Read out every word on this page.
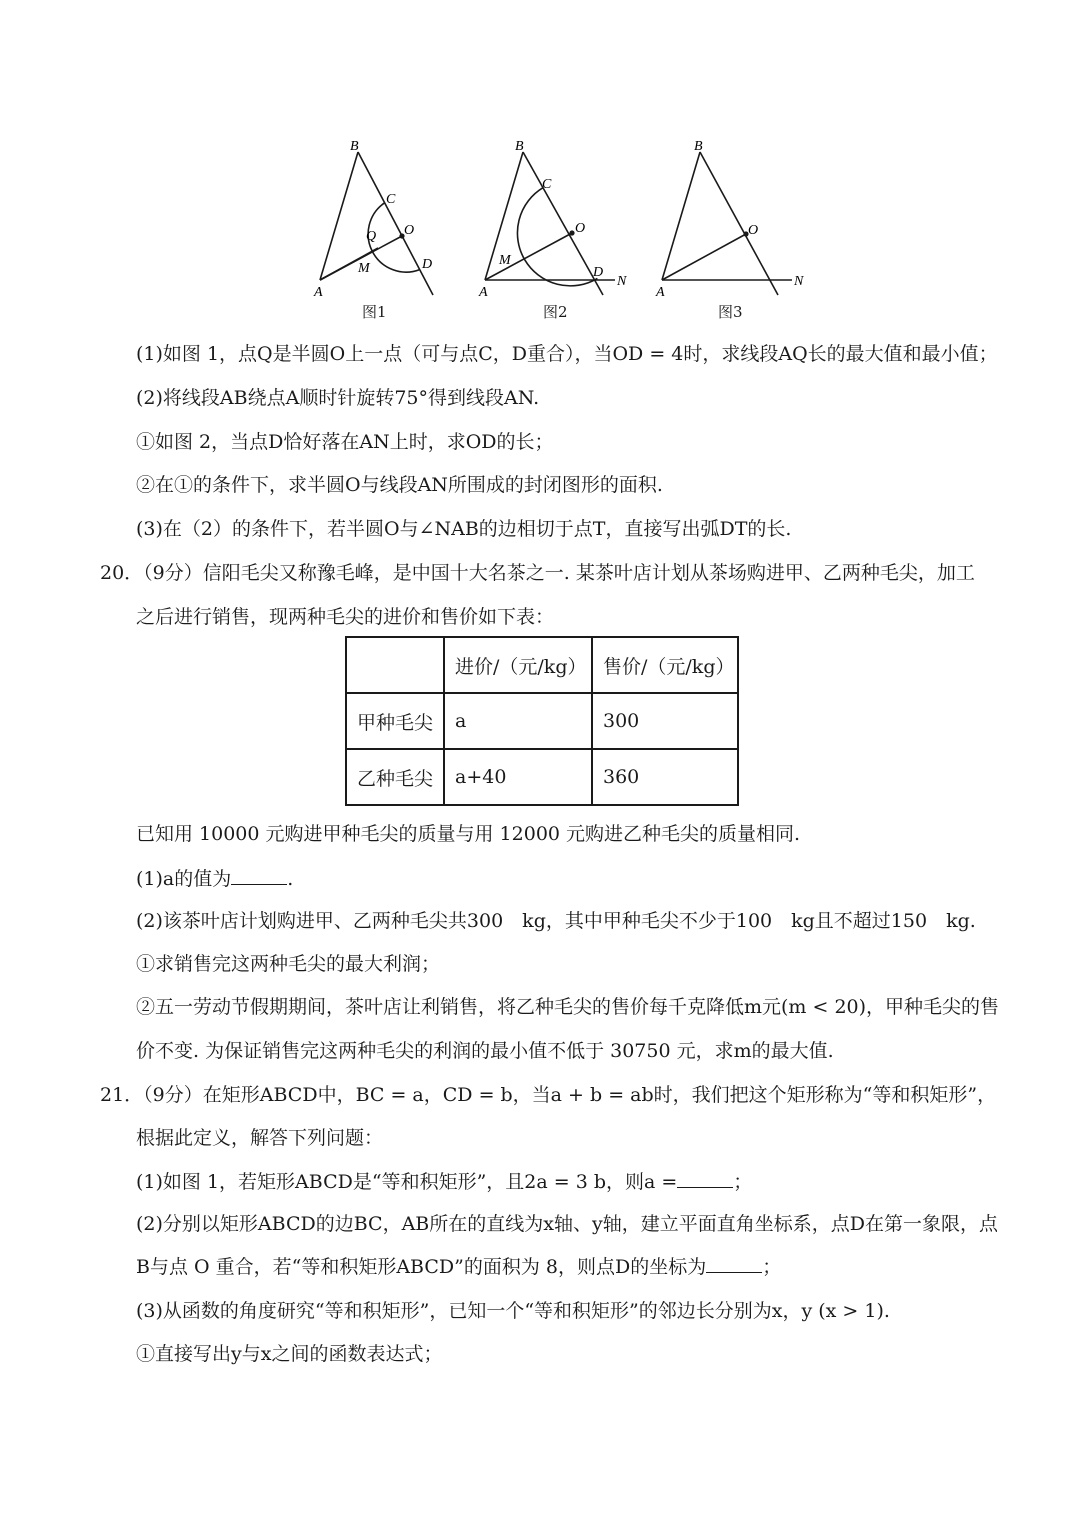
B
C
O
Q
M	D
A
图1
B
C
O
M
D
N
A
图2
B
O
N
A
图3
(1)如图 1，点Q是半圆O上一点（可与点C，D重合），当OD = 4时，求线段AQ长的最大值和最小值；
(2)将线段AB绕点A顺时针旋转75°得到线段AN.
①如图 2，当点D恰好落在AN上时，求OD的长；
②在①的条件下，求半圆O与线段AN所围成的封闭图形的面积.
(3)在（2）的条件下，若半圆O与∠NAB的边相切于点T，直接写出弧DT的长.
20．（9分）信阳毛尖又称豫毛峰，是中国十大名茶之一. 某茶叶店计划从茶场购进甲、乙两种毛尖，加工
之后进行销售，现两种毛尖的进价和售价如下表：
	进价/（元/kg）	售价/（元/kg）
甲种毛尖	a	300
乙种毛尖	a+40	360
已知用 10000 元购进甲种毛尖的质量与用 12000 元购进乙种毛尖的质量相同.
(1)a的值为	.
(2)该茶叶店计划购进甲、乙两种毛尖共300　kg，其中甲种毛尖不少于100　kg且不超过150　kg.
①求销售完这两种毛尖的最大利润；
②五一劳动节假期期间，茶叶店让利销售，将乙种毛尖的售价每千克降低m元(m < 20)，甲种毛尖的售
价不变. 为保证销售完这两种毛尖的利润的最小值不低于 30750 元，求m的最大值.
21．（9分）在矩形ABCD中，BC = a，CD = b，当a + b = ab时，我们把这个矩形称为“等和积矩形”，
根据此定义，解答下列问题：
(1)如图 1，若矩形ABCD是“等和积矩形”，且2a = 3 b，则a =	；
(2)分别以矩形ABCD的边BC，AB所在的直线为x轴、y轴，建立平面直角坐标系，点D在第一象限，点
B与点 O 重合，若“等和积矩形ABCD”的面积为 8，则点D的坐标为	；
(3)从函数的角度研究“等和积矩形”，已知一个“等和积矩形”的邻边长分别为x，y (x > 1).
①直接写出y与x之间的函数表达式；
